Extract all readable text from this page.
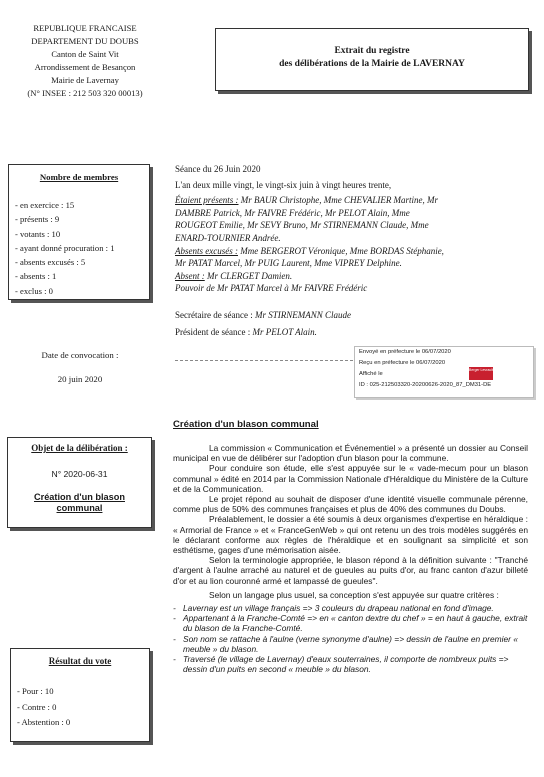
REPUBLIQUE FRANCAISE
DEPARTEMENT DU DOUBS
Canton de Saint Vit
Arrondissement de Besançon
Mairie de Lavernay
(N° INSEE : 212 503 320 00013)
Extrait du registre
des délibérations de la Mairie de LAVERNAY
Nombre de membres
- en exercice : 15
- présents : 9
- votants : 10
- ayant donné procuration : 1
- absents excusés : 5
- absents : 1
- exclus : 0
Séance du 26 Juin 2020
L'an deux mille vingt, le vingt-six juin à vingt heures trente,
Étaient présents : Mr BAUR Christophe, Mme CHEVALIER Martine, Mr
DAMBRE Patrick, Mr FAIVRE Frédéric, Mr PELOT Alain, Mme
ROUGEOT Emilie, Mr SEVY Bruno, Mr STIRNEMANN Claude, Mme
ENARD-TOURNIER Andrée.
Absents excusés : Mme BERGEROT Véronique, Mme BORDAS Stéphanie,
Mr PATAT Marcel, Mr PUIG Laurent, Mme VIPREY Delphine.
Absent : Mr CLERGET Damien.
Pouvoir de Mr PATAT Marcel à Mr FAIVRE Frédéric
Secrétaire de séance : Mr STIRNEMANN Claude
Président de séance : Mr PELOT Alain.
Date de convocation :
20 juin 2020
Envoyé en préfecture le 06/07/2020
Reçu en préfecture le 06/07/2020
Affiché le
ID : 025-212503320-20200626-2020_87_DM31-DE
Berger Levrault
Objet de la délibération :
N° 2020-06-31
Création d'un blason communal
Résultat du vote
- Pour : 10
- Contre : 0
- Abstention : 0
Création d'un blason communal

La commission « Communication et Événementiel » a présenté un dossier au Conseil municipal en vue de délibérer sur l'adoption d'un blason pour la commune.

Pour conduire son étude, elle s'est appuyée sur le « vade-mecum pour un blason communal » édité en 2014 par la Commission Nationale d'Héraldique du Ministère de la Culture et de la Communication.

Le projet répond au souhait de disposer d'une identité visuelle communale pérenne, comme plus de 50% des communes françaises et plus de 40% des communes du Doubs.

Préalablement, le dossier a été soumis à deux organismes d'expertise en héraldique : « Armorial de France » et « FranceGenWeb » qui ont retenu un des trois modèles suggérés en le déclarant conforme aux règles de l'héraldique et en soulignant sa simplicité et son esthétisme, gages d'une mémorisation aisée.

Selon la terminologie appropriée, le blason répond à la définition suivante : "Tranché d'argent à l'aulne arraché au naturel et de gueules au puits d'or, au franc canton d'azur billeté d'or et au lion couronné armé et lampassé de gueules".

Selon un langage plus usuel, sa conception s'est appuyée sur quatre critères :

- Lavernay est un village français => 3 couleurs du drapeau national en fond d'image.
- Appartenant à la Franche-Comté => en « canton dextre du chef » = en haut à gauche, extrait du blason de la Franche-Comté.
- Son nom se rattache à l'aulne (verne synonyme d'aulne) => dessin de l'aulne en premier « meuble » du blason.
- Traversé (le village de Lavernay) d'eaux souterraines, il comporte de nombreux puits => dessin d'un puits en second « meuble » du blason.
